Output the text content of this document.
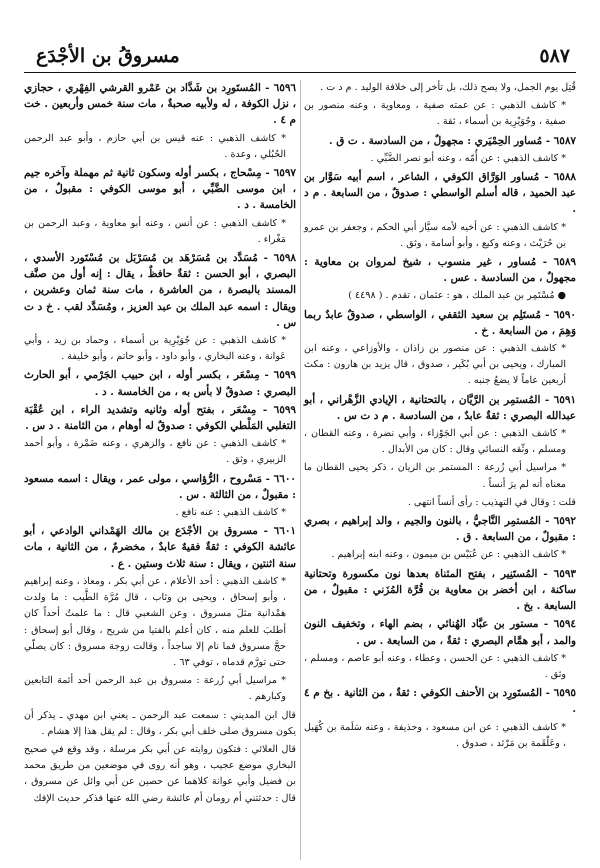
٥٨٧
مسروقُ بن الأجْدَع

قُتِل يوم الجمل، ولا يصح ذلك، بل تأخر إلى خلافة الوليد . م د ت .

* كاشف الذهبي : عن عمته صفية ، ومعاوية ، وعنه منصور بن صفية ، وجُوَيْرِية بن أسماء ، ثقة .

٦٥٨٧ - مُساور الحِمْيَري : مجهولٌ ، من السادسة . ت ق .

* كاشف الذهبي : عن أُمّه ، وعنه أبو نصر الضَّبِّي .

٦٥٨٨ - مُساور الوَرَّاق الكوفي ، الشاعر ، اسم أبيه سَوَّار بن عبد الحميد ، قاله أسلم الواسطي : صدوقٌ ، من السابعة . م د .

* كاشف الذهبي : عن أخيه لأمه سيَّار أبي الحكم ، وجعفر بن عمرو بن حُرَيْث ، وعنه وكيع ، وأبو أسامة ، وثق .

٦٥٨٩ - مُساور ، غير منسوب ، شيخ لمروان بن معاوية : مجهولٌ ، من السادسة . عس .

● مُسْتَمِر بن عبد الملك ، هو : عثمان ، تقدم . ( ٤٤٩٨ )

٦٥٩٠ - مُستَلِم بن سعيد الثقفي ، الواسطي ، صدوقٌ عابدٌ ربما وَهِمَ ، من السابعة . خ .

* كاشف الذهبي : عن منصور بن زاذان ، والأوزاعي ، وعنه ابن المبارك ، ويحيى بن أبي بُكَير ، صدوق ، قال يزيد بن هارون : مكث أربعين عاماً لا يضعُ جنبه .

٦٥٩١ - المُستمِر بن الرَّيَّان ، بالتحتانية ، الإيادي الزَّهْراني ، أبو عبدالله البصري : ثقةٌ عابدٌ ، من السادسة . م د ت س .

* كاشف الذهبي : عن أبي الجَوْزاء ، وأبي نضرة ، وعنه القطان ، ومسلم ، وثّقه النسائي وقال : كان من الأبدال .

* مراسيل أبي زُرعة : المستمر بن الريان ، ذكر يحيى القطان ما معناه أنه لم يرَ أنساً .

قلت : وقال في التهذيب : رأى أنساً انتهى .

٦٥٩٢ - المُستمِر النَّاجيُّ ، بالنون والجيم ، والد إبراهيم ، بصري : مقبولٌ ، من السابعة . ق .

* كاشف الذهبي : عن عُبَيْس بن ميمون ، وعنه ابنه إبراهيم .

٦٥٩٣ - المُستَنِير ، بفتح المثناة بعدها نون مكسورة وتحتانية ساكنة ، ابن أخضر بن معاوية بن قُرَّة المُزَني : مقبولٌ ، من السابعة . بخ .

٦٥٩٤ - مستور بن عبَّاد الهُنائي ، بضم الهاء ، وتخفيف النون والمد ، أبو همَّام البصري : ثقةٌ ، من السابعة . س .

* كاشف الذهبي : عن الحسن ، وعطاء ، وعنه أبو عاصم ، ومسلم ، وثق .

٦٥٩٥ - المُستَورِد بن الأحنف الكوفي : ثقةٌ ، من الثانية . بخ م ٤ .

* كاشف الذهبي : عن ابن مسعود ، وحذيفة ، وعنه سَلَمة بن كُهَيل ، وعَلْقَمة بن مَرْثد ، صدوق .

٦٥٩٦ - المُستَورِد بن شَدَّاد بن عَمْرو القرشي الفِهْري ، حجازي ، نزل الكوفة ، له ولأبيه صحبةٌ ، مات سنة خمس وأربعين . خت م ٤ .

* كاشف الذهبي : عنه قيس بن أبي حازم ، وأبو عبد الرحمن الحُبُلي ، وعدة .

٦٥٩٧ - مِسْحاج ، بكسر أوله وسكون ثانية ثم مهملة وآخره جيم ، ابن موسى الضَّبِّي ، أبو موسى الكوفي : مقبولٌ ، من الخامسة . د .

* كاشف الذهبي : عن أنس ، وعنه أبو معاوية ، وعبد الرحمن بن مَغْراء .

٦٥٩٨ - مُسَدَّد بن مُسَرْهَد بن مُسَرْبَل بن مُسْتَورد الأسدي ، البصري ، أبو الحسن : ثقةٌ حافظٌ ، يقال : إنه أول من صنَّف المسند بالبصرة ، من العاشرة ، مات سنة ثمان وعشرين ، ويقال : اسمه عبد الملك بن عبد العزيز ، ومُسَدَّد لقب . خ د ت س .

* كاشف الذهبي : عن جُوَيْرِية بن أسماء ، وحماد بن زيد ، وأبي عَوانة ، وعنه البخاري ، وأبو داود ، وأبو حاتم ، وأبو خليفة .

٦٥٩٩ - مِسْعَر ، بكسر أوله ، ابن حبيب الجَرْمي ، أبو الحارث البصري : صدوقٌ لا بأس به ، من الخامسة . د .

٦٥٩٩ - مِسْعَر ، بفتح أوله وثانيه وتشديد الراء ، ابن عُقْبَة التغلبي المَلْطي الكوفي : صدوقٌ له أوهام ، من الثامنة . د س .

* كاشف الذهبي : عن نافع ، والزهري ، وعنه ضَمْرة ، وأبو أحمد الزبيري ، وثق .

٦٦٠٠ - مَسْروح ، الرُّؤاسي ، مولى عمر ، ويقال : اسمه مسعود : مقبولٌ ، من الثالثة . س .

* كاشف الذهبي : عنه نافع .

٦٦٠١ - مسروق بن الأجْدَع بن مالك الهَمْداني الوادعي ، أبو عائشة الكوفي : ثقةٌ فقيهٌ عابدٌ ، مخضرمٌ ، من الثانية ، مات سنة اثنتين ، ويقال : سنة ثلاث وستين . ع .

* كاشف الذهبي : أحد الأعلام ، عن أبي بكر ، ومعاذ ، وعنه إبراهيم ، وأبو إسحاق ، ويحيى بن وثاب ، قال مُرَّة الطَّيب : ما ولدت همْدانية مثلَ مسروق ، وعن الشعبي قال : ما علمتُ أحداً كان أطلبَ للعلم منه ، كان أعلم بالفتيا من شريح ، وقال أبو إسحاق : حجَّ مسروق فما نام إلا ساجداً ، وقالت زوجة مسروق : كان يصلّي حتى تورَّم قدماه ، توفي ٦٣ .

* مراسيل أبي زُرعة : مسروق بن عبد الرحمن أحد أئمة التابعين وكبارهم .

قال ابن المديني : سمعت عبد الرحمن ـ يعني ابن مهدي ـ يذكر أن يكون مسروق صلى خلف أبي بكر ، وقال : لم يقل هذا إلا هشام .

قال العلائي : فتكون روايته عن أبي بكر مرسلة ، وقد وقع في صحيح البخاري موضع عجيب ، وهو أنه روى في موضعين من طريق محمد بن فضيل وأبي عوانة كلاهما عن حصين عن أبي وائل عن مسروق ، قال : حدثتني أم رومان أم عائشة رضي الله عنها فذكر حديث الإفك
